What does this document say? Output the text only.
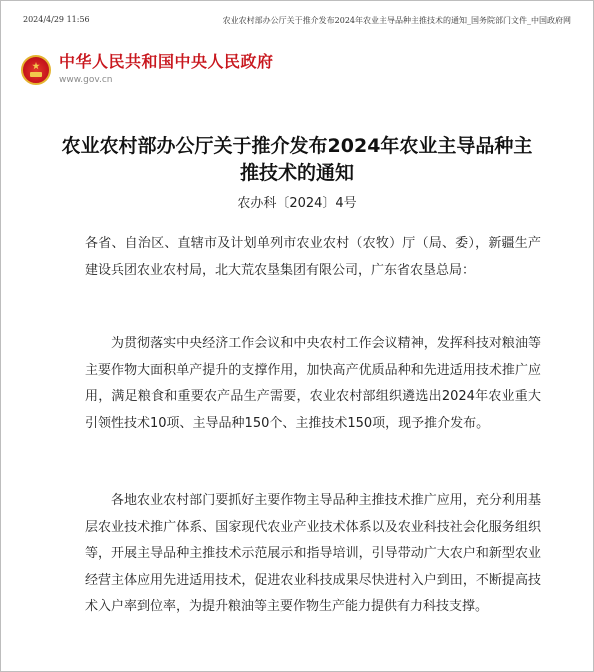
2024/4/29 11:56	农业农村部办公厅关于推介发布2024年农业主导品种主推技术的通知_国务院部门文件_中国政府网
中华人民共和国中央人民政府
www.gov.cn
农业农村部办公厅关于推介发布2024年农业主导品种主推技术的通知
农办科〔2024〕4号

各省、自治区、直辖市及计划单列市农业农村（农牧）厅（局、委），新疆生产建设兵团农业农村局，北大荒农垦集团有限公司，广东省农垦总局：

为贯彻落实中央经济工作会议和中央农村工作会议精神，发挥科技对粮油等主要作物大面积单产提升的支撑作用，加快高产优质品种和先进适用技术推广应用，满足粮食和重要农产品生产需要，农业农村部组织遴选出2024年农业重大引领性技术10项、主导品种150个、主推技术150项，现予推介发布。

各地农业农村部门要抓好主要作物主导品种主推技术推广应用，充分利用基层农业技术推广体系、国家现代农业产业技术体系以及农业科技社会化服务组织等，开展主导品种主推技术示范展示和指导培训，引导带动广大农户和新型农业经营主体应用先进适用技术，促进农业科技成果尽快进村入户到田，不断提高技术入户率到位率，为提升粮油等主要作物生产能力提供有力科技支撑。
